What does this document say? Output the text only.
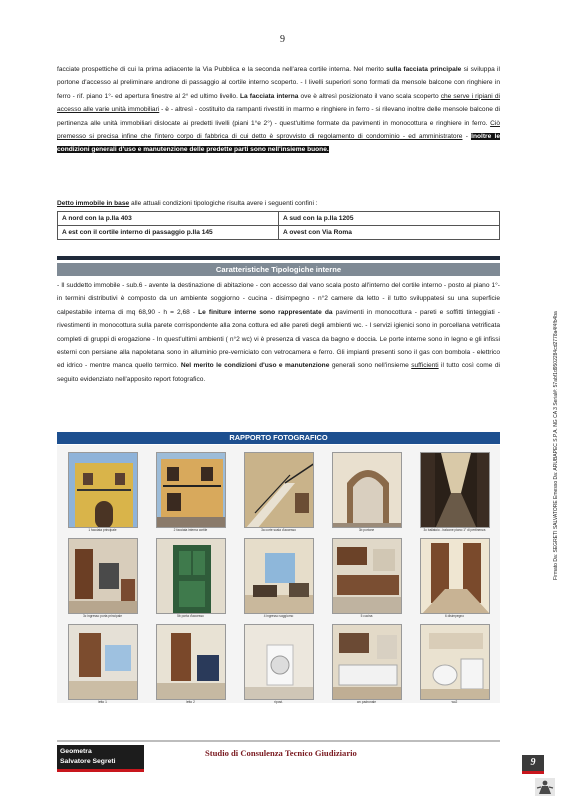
9
facciate prospettiche di cui la prima adiacente la Via Pubblica e la seconda nell'area cortile interna. Nel merito sulla facciata principale si sviluppa il portone d'accesso al preliminare androne di passaggio al cortile interno scoperto. - I livelli superiori sono formati da mensole balcone con ringhiere in ferro - rif. piano 1°- ed apertura finestre al 2° ed ultimo livello. La facciata interna ove è altresì posizionato il vano scala scoperto che serve i ripiani di accesso alle varie unità immobiliari - è - altresì - costituito da rampanti rivestiti in marmo e ringhiere in ferro - si rilevano inoltre delle mensole balcone di pertinenza alle unità immobiliari dislocate ai predetti livelli (piani 1°e 2°) - quest'ultime formate da pavimenti in monocottura e ringhiere in ferro. Ciò premesso si precisa infine che l'intero corpo di fabbrica di cui detto è sprovvisto di regolamento di condominio - ed amministratore - Inoltre le condizioni generali d'uso e manutenzione delle predette parti sono nell'insieme buone.
Detto immobile in base alle attuali condizioni tipologiche risulta avere i seguenti confini :
A nord con la p.lla 403	A sud con la p.lla 1205
A est con il cortile interno di passaggio p.lla 145	A ovest con Via Roma
Caratteristiche Tipologiche interne
- Il suddetto immobile - sub.6 - avente la destinazione di abitazione - con accesso dal vano scala posto all'interno del cortile interno - posto al piano 1°- in termini distributivi è composto da un ambiente soggiorno - cucina - disimpegno - n°2 camere da letto - il tutto sviluppatesi su una superficie calpestabile interna di mq 68,90 - h = 2,68 - Le finiture interne sono rappresentate da pavimenti in monocottura - pareti e soffitti tinteggiati - rivestimenti in monocottura sulla parete corrispondente alla zona cottura ed alle pareti degli ambienti wc. - I servizi igienici sono in porcellana vetrificata completi di gruppi di erogazione - In quest'ultimi ambienti ( n°2 wc) vi è presenza di vasca da bagno e doccia. Le porte interne sono in legno e gli infissi esterni con persiane alla napoletana sono in alluminio pre-verniciato con vetrocamera e ferro. Gli impianti presenti sono il gas con bombola - elettrico ed idrico - mentre manca quello termico. Nel merito le condizioni d'uso e manutenzione generali sono nell'insieme sufficienti il tutto così come di seguito evidenziato nell'apposito report fotografico.
RAPPORTO FOTOGRAFICO
1 facciata principale	2 facciata interna cortile	3a corte scala d'accesso	3b portone	3c ballatoio - balcone piano 1° di pertinenza
3c ingresso porta principale	5b porta d'accesso	4 ingresso soggiorno	5 cucina	6 disimpegno
letto 1	letto 2	ripost.	wc padronale	wc2
Geometra
Salvatore Segreti
Studio di Consulenza Tecnico Giudiziario
9
Firmato Da: SEGRETI SALVATORE Emesso Da: ARUBAPEC S.P.A. NG CA 3 Serial#: 57abf1d9502284cd2778a4f4fb4ba
